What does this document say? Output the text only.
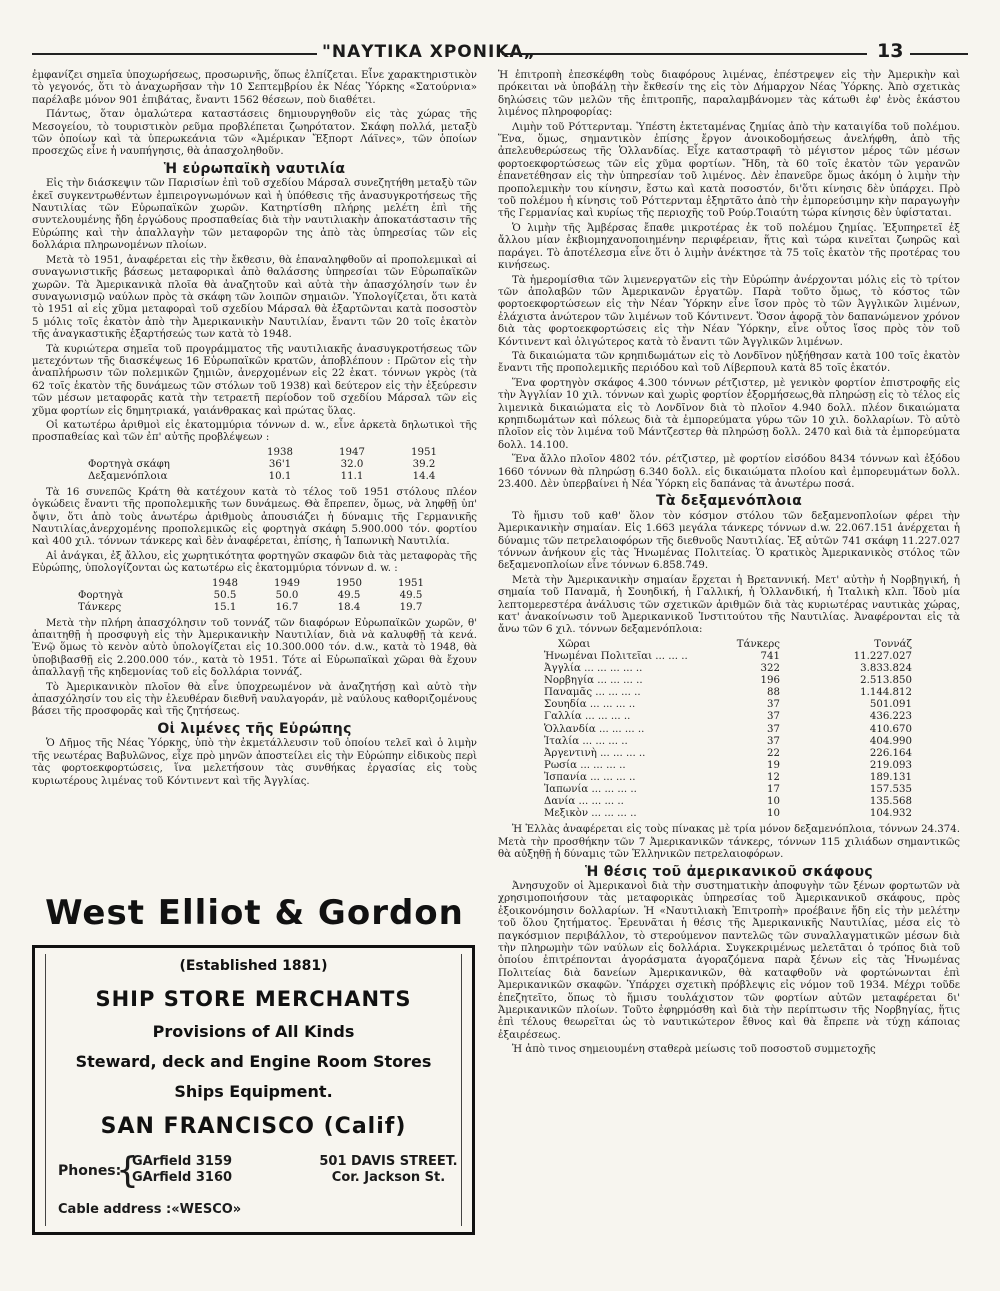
"ΝΑΥΤΙΚΑ ΧΡΟΝΙΚΑ„	13

ἐμφανίζει σημεῖα ὑποχωρήσεως, προσωρινῆς, ὅπως ἐλπίζεται. Εἶνε χαρακτηριστικὸν τὸ γεγονός, ὅτι τὸ ἀναχωρῆσαν τὴν 10 Σεπτεμβρίου ἐκ Νέας Ὑόρκης «Σατούρνια» παρέλαβε μόνον 901 ἐπιβάτας, ἔναντι 1562 θέσεων, ποὺ διαθέτει.

Πάντως, ὅταν ὁμαλώτερα καταστάσεις δημιουργηθοῦν εἰς τὰς χώρας τῆς Μεσογείου, τὸ τουριστικὸν ρεῦμα προβλέπεται ζωηρότατον. Σκάφη πολλά, μεταξὺ τῶν ὁποίων καὶ τὰ ὑπερωκεάνια τῶν «Ἀμέρικαν Ἔξπορτ Λάϊνες», τῶν ὁποίων προσεχῶς εἶνε ἡ ναυπήγησις, θὰ ἀπασχοληθοῦν.

Ἡ εὐρωπαϊκὴ ναυτιλία

Εἰς τὴν διάσκεψιν τῶν Παρισίων ἐπὶ τοῦ σχεδίου Μάρσαλ συνεζητήθη μεταξὺ τῶν ἐκεῖ συγκεντρωθέντων ἐμπειρογνωμόνων καὶ ἡ ὑπόθεσις τῆς ἀνασυγκροτήσεως τῆς Ναυτιλίας τῶν Εὐρωπαϊκῶν χωρῶν. Κατηρτίσθη πλήρης μελέτη ἐπὶ τῆς συντελουμένης ἤδη ἐργώδους προσπαθείας διὰ τὴν ναυτιλιακὴν ἀποκατάστασιν τῆς Εὐρώπης καὶ τὴν ἀπαλλαγὴν τῶν μεταφορῶν της ἀπὸ τὰς ὑπηρεσίας τῶν εἰς δολλάρια πληρωνομένων πλοίων.

Μετὰ τὸ 1951, ἀναφέρεται εἰς τὴν ἔκθεσιν, θὰ ἐπαναληφθοῦν αἱ προπολεμικαὶ αἱ συναγωνιστικῆς βάσεως μεταφορικαὶ ἀπὸ θαλάσσης ὑπηρεσίαι τῶν Εὐρωπαϊκῶν χωρῶν. Τὰ Ἀμερικανικὰ πλοῖα θὰ ἀναζητοῦν καὶ αὐτὰ τὴν ἀπασχόλησίν των ἐν συναγωνισμῷ ναύλων πρὸς τὰ σκάφη τῶν λοιπῶν σημαιῶν. Ὑπολογίζεται, ὅτι κατὰ τὸ 1951 αἱ εἰς χῦμα μεταφοραὶ τοῦ σχεδίου Μάρσαλ θὰ ἐξαρτῶνται κατὰ ποσοστὸν 5 μόλις τοῖς ἑκατὸν ἀπὸ τὴν Ἀμερικανικὴν Ναυτιλίαν, ἔναντι τῶν 20 τοῖς ἑκατὸν τῆς ἀναγκαστικῆς ἐξαρτήσεώς των κατὰ τὸ 1948.

Τὰ κυριώτερα σημεῖα τοῦ προγράμματος τῆς ναυτιλιακῆς ἀνασυγκροτήσεως τῶν μετεχόντων τῆς διασκέψεως 16 Εὐρωπαϊκῶν κρατῶν, ἀποβλέπουν : Πρῶτον εἰς τὴν ἀναπλήρωσιν τῶν πολεμικῶν ζημιῶν, ἀνερχομένων εἰς 22 ἑκατ. τόννων γκρὸς (τὰ 62 τοῖς ἑκατὸν τῆς δυνάμεως τῶν στόλων τοῦ 1938) καὶ δεύτερον εἰς τὴν ἐξεύρεσιν τῶν μέσων μεταφορᾶς κατὰ τὴν τετραετῆ περίοδον τοῦ σχεδίου Μάρσαλ τῶν εἰς χῦμα φορτίων εἰς δημητριακά, γαιάνθρακας καὶ πρώτας ὕλας.

Οἱ κατωτέρω ἀριθμοὶ εἰς ἑκατομμύρια τόννων d. w., εἶνε ἀρκετὰ δηλωτικοὶ τῆς προσπαθείας καὶ τῶν ἐπ' αὐτῆς προβλέψεων :

	1938	1947	1951
Φορτηγὰ σκάφη	36'1	32.0	39.2
Δεξαμενόπλοια	10.1	11.1	14.4

Τὰ 16 συνεπῶς Κράτη θὰ κατέχουν κατὰ τὸ τέλος τοῦ 1951 στόλους πλέον ὀγκώδεις ἔναντι τῆς προπολεμικῆς των δυνάμεως. Θὰ ἔπρεπεν, ὅμως, νὰ ληφθῇ ὑπ' ὄψιν, ὅτι ἀπὸ τοὺς ἀνωτέρω ἀριθμοὺς ἀπουσιάζει ἡ δύναμις τῆς Γερμανικῆς Ναυτιλίας,ἀνερχομένης προπολεμικῶς εἰς φορτηγὰ σκάφη 5.900.000 τόν. φορτίου καὶ 400 χιλ. τόννων τάνκερς καὶ δὲν ἀναφέρεται, ἐπίσης, ἡ Ἰαπωνικὴ Ναυτιλία.

Αἱ ἀνάγκαι, ἐξ ἄλλου, εἰς χωρητικότητα φορτηγῶν σκαφῶν διὰ τὰς μεταφορὰς τῆς Εὐρώπης, ὑπολογίζονται ὡς κατωτέρω εἰς ἑκατομμύρια τόννων d. w. :

	1948	1949	1950	1951
Φορτηγὰ	50.5	50.0	49.5	49.5
Τάνκερς	15.1	16.7	18.4	19.7

Μετὰ τὴν πλήρη ἀπασχόλησιν τοῦ τοννάζ τῶν διαφόρων Εὐρωπαϊκῶν χωρῶν, θ' ἀπαιτηθῇ ἡ προσφυγὴ εἰς τὴν Ἀμερικανικὴν Ναυτιλίαν, διὰ νὰ καλυφθῇ τὰ κενά. Ἐνῷ ὅμως τὸ κενὸν αὐτὸ ὑπολογίζεται εἰς 10.300.000 τόν. d.w., κατὰ τὸ 1948, θὰ ὑποβιβασθῇ εἰς 2.200.000 τόν., κατὰ τὸ 1951. Τότε αἱ Εὐρωπαϊκαὶ χῶραι θὰ ἔχουν ἀπαλλαγῇ τῆς κηδεμονίας τοῦ εἰς δολλάρια τοννάζ.

Τὸ Ἀμερικανικὸν πλοῖον θὰ εἶνε ὑποχρεωμένον νὰ ἀναζητήσῃ καὶ αὐτὸ τὴν ἀπασχόλησίν του εἰς τὴν ἐλευθέραν διεθνῆ ναυλαγοράν, μὲ ναύλους καθοριζομένους βάσει τῆς προσφορᾶς καὶ τῆς ζητήσεως.

Οἱ λιμένες τῆς Εὐρώπης

Ὁ Δῆμος τῆς Νέας Ὑόρκης, ὑπὸ τὴν ἐκμετάλλευσιν τοῦ ὁποίου τελεῖ καὶ ὁ λιμὴν τῆς νεωτέρας Βαβυλῶνος, εἶχε πρὸ μηνῶν ἀποστείλει εἰς τὴν Εὐρώπην εἰδικοὺς περὶ τὰς φορτοεκφορτώσεις, ἵνα μελετήσουν τὰς συνθήκας ἐργασίας εἰς τοὺς κυριωτέρους λιμένας τοῦ Κόντινεντ καὶ τῆς Ἀγγλίας.

West Elliot & Gordon
(Established 1881)
SHIP STORE MERCHANTS
Provisions of All Kinds
Steward, deck and Engine Room Stores
Ships Equipment.
SAN FRANCISCO (Calif)
Phones:
{
GArfield 3159
GArfield 3160
501 DAVIS STREET.
Cor. Jackson St.
Cable address :«WESCO»

Ἡ ἐπιτροπὴ ἐπεσκέφθη τοὺς διαφόρους λιμένας, ἐπέστρεψεν εἰς τὴν Ἀμερικὴν καὶ πρόκειται νὰ ὑποβάλῃ τὴν ἔκθεσίν της εἰς τὸν Δήμαρχον Νέας Ὑόρκης. Ἀπὸ σχετικὰς δηλώσεις τῶν μελῶν τῆς ἐπιτροπῆς, παραλαμβάνομεν τὰς κάτωθι ἐφ' ἑνὸς ἑκάστου λιμένος πληροφορίας:

Λιμὴν τοῦ Ρόττερνταμ. Ὑπέστη ἐκτεταμένας ζημίας ἀπὸ τὴν καταιγίδα τοῦ πολέμου. Ἕνα, ὅμως, σημαντικὸν ἐπίσης ἔργον ἀνοικοδομήσεως ἀνελήφθη, ἀπὸ τῆς ἀπελευθερώσεως τῆς Ὁλλανδίας. Εἶχε καταστραφῆ τὸ μέγιστον μέρος τῶν μέσων φορτοεκφορτώσεως τῶν εἰς χῦμα φορτίων. Ἤδη, τὰ 60 τοῖς ἑκατὸν τῶν γερανῶν ἐπανετέθησαν εἰς τὴν ὑπηρεσίαν τοῦ λιμένος. Δὲν ἐπανεῦρε ὅμως ἀκόμη ὁ λιμὴν τὴν προπολεμικὴν του κίνησιν, ἔστω καὶ κατὰ ποσοστόν, δι'ὅτι κίνησις δὲν ὑπάρχει. Πρὸ τοῦ πολέμου ἡ κίνησις τοῦ Ρόττερνταμ ἐξηρτᾶτο ἀπὸ τὴν ἐμπορεύσιμην κὴν παραγωγὴν τῆς Γερμανίας καὶ κυρίως τῆς περιοχῆς τοῦ Ρούρ.Τοιαύτη τώρα κίνησις δὲν ὑφίσταται.

Ὁ λιμὴν τῆς Ἀμβέρσας ἔπαθε μικροτέρας ἐκ τοῦ πολέμου ζημίας. Ἐξυπηρετεῖ ἐξ ἄλλου μίαν ἐκβιομηχανοποιημένην περιφέρειαν, ἥτις καὶ τώρα κινεῖται ζωηρῶς καὶ παράγει. Τὸ ἀποτέλεσμα εἶνε ὅτι ὁ λιμὴν ἀνέκτησε τὰ 75 τοῖς ἑκατὸν τῆς προτέρας του κινήσεως.

Τὰ ἡμερομίσθια τῶν λιμενεργατῶν εἰς τὴν Εὐρώπην ἀνέρχονται μόλις εἰς τὸ τρίτον τῶν ἀπολαβῶν τῶν Ἀμερικανῶν ἐργατῶν. Παρὰ τοῦτο ὅμως, τὸ κόστος τῶν φορτοεκφορτώσεων εἰς τὴν Νέαν Ὑόρκην εἶνε ἴσον πρὸς τὸ τῶν Ἀγγλικῶν λιμένων, ἐλάχιστα ἀνώτερον τῶν λιμένων τοῦ Κόντινεντ. Ὅσον ἀφορᾷ τὸν δαπανώμενον χρόνον διὰ τὰς φορτοεκφορτώσεις εἰς τὴν Νέαν Ὑόρκην, εἶνε οὗτος ἴσος πρὸς τὸν τοῦ Κόντινεντ καὶ ὀλιγώτερος κατὰ τὸ ἔναντι τῶν Ἀγγλικῶν λιμένων.

Τὰ δικαιώματα τῶν κρηπιδωμάτων εἰς τὸ Λονδῖνον ηὐξήθησαν κατὰ 100 τοῖς ἑκατὸν ἔναντι τῆς προπολεμικῆς περιόδου καὶ τοῦ Λίβερπουλ κατὰ 85 τοῖς ἑκατόν.

Ἕνα φορτηγὸν σκάφος 4.300 τόννων ρέτζιστερ, μὲ γενικὸν φορτίον ἐπιστροφῆς εἰς τὴν Ἀγγλίαν 10 χιλ. τόννων καὶ χωρὶς φορτίον ἐξορμήσεως,θὰ πληρώσῃ εἰς τὸ τέλος εἰς λιμενικὰ δικαιώματα εἰς τὸ Λονδῖνον διὰ τὸ πλοῖον 4.940 δολλ. πλέον δικαιώματα κρηπιδωμάτων καὶ πόλεως διὰ τὰ ἐμπορεύματα γύρω τῶν 10 χιλ. δολλαρίων. Τὸ αὐτὸ πλοῖον εἰς τὸν λιμένα τοῦ Μάντζεστερ θὰ πληρώσῃ δολλ. 2470 καὶ διὰ τὰ ἐμπορεύματα δολλ. 14.100.

Ἕνα ἄλλο πλοῖον 4802 τόν. ρέτζιστερ, μὲ φορτίον εἰσόδου 8434 τόννων καὶ ἐξόδου 1660 τόννων θὰ πληρώσῃ 6.340 δολλ. εἰς δικαιώματα πλοίου καὶ ἐμπορευμάτων δολλ. 23.400. Δὲν ὑπερβαίνει ἡ Νέα Ὑόρκη εἰς δαπάνας τὰ ἀνωτέρω ποσά.

Τὰ δεξαμενόπλοια

Τὸ ἥμισυ τοῦ καθ' ὅλον τὸν κόσμον στόλου τῶν δεξαμενοπλοίων φέρει τὴν Ἀμερικανικὴν σημαίαν. Εἰς 1.663 μεγάλα τάνκερς τόννων d.w. 22.067.151 ἀνέρχεται ἡ δύναμις τῶν πετρελαιοφόρων τῆς διεθνοῦς Ναυτιλίας. Ἐξ αὐτῶν 741 σκάφη 11.227.027 τόννων ἀνήκουν εἰς τὰς Ἡνωμένας Πολιτείας. Ὁ κρατικὸς Ἀμερικανικὸς στόλος τῶν δεξαμενοπλοίων εἶνε τόννων 6.858.749.

Μετὰ τὴν Ἀμερικανικὴν σημαίαν ἔρχεται ἡ Βρεταννική. Μετ' αὐτὴν ἡ Νορβηγική, ἡ σημαία τοῦ Παναμᾶ, ἡ Σουηδική, ἡ Γαλλική, ἡ Ὁλλανδική, ἡ Ἰταλικὴ κλπ. Ἰδοὺ μία λεπτομερεστέρα ἀνάλυσις τῶν σχετικῶν ἀριθμῶν διὰ τὰς κυριωτέρας ναυτικὰς χώρας, κατ' ἀνακοίνωσιν τοῦ Ἀμερικανικοῦ Ἰνστιτούτου τῆς Ναυτιλίας. Ἀναφέρονται εἰς τὰ ἄνω τῶν 6 χιλ. τόννων δεξαμενόπλοια:

Χῶραι	Τάνκερς	Τοννάζ
Ἡνωμέναι Πολιτεῖαι ... ... ..	741	11.227.027
Ἀγγλία ... ... ... ... ..	322	3.833.824
Νορβηγία ... ... ... ..	196	2.513.850
Παναμᾶς ... ... ... ..	88	1.144.812
Σουηδία ... ... ... ..	37	501.091
Γαλλία ... ... ... ..	37	436.223
Ὁλλανδία ... ... ... ..	37	410.670
Ἰταλία ... ... ... ..	37	404.990
Ἀργεντινὴ ... ... ... ..	22	226.164
Ρωσία ... ... ... ..	19	219.093
Ἰσπανία ... ... ... ..	12	189.131
Ἰαπωνία ... ... ... ..	17	157.535
Δανία ... ... ... ..	10	135.568
Μεξικὸν ... ... ... ..	10	104.932

Ἡ Ἑλλὰς ἀναφέρεται εἰς τοὺς πίνακας μὲ τρία μόνον δεξαμενόπλοια, τόννων 24.374. Μετὰ τὴν προσθήκην τῶν 7 Ἀμερικανικῶν τάνκερς, τόννων 115 χιλιάδων σημαντικῶς θὰ αὐξηθῇ ἡ δύναμις τῶν Ἑλληνικῶν πετρελαιοφόρων.

Ἡ θέσις τοῦ ἀμερικανικοῦ σκάφους

Ἀνησυχοῦν οἱ Ἀμερικανοὶ διὰ τὴν συστηματικὴν ἀποφυγὴν τῶν ξένων φορτωτῶν νὰ χρησιμοποιήσουν τὰς μεταφορικὰς ὑπηρεσίας τοῦ Ἀμερικανικοῦ σκάφους, πρὸς ἐξοικονόμησιν δολλαρίων. Ἡ «Ναυτιλιακὴ Ἐπιτροπὴ» προέβαινε ἤδη εἰς τὴν μελέτην τοῦ ὅλου ζητήματος. Ἐρευνᾶται ἡ θέσις τῆς Ἀμερικανικῆς Ναυτιλίας, μέσα εἰς τὸ παγκόσμιον περιβάλλον, τὸ στερούμενον παντελῶς τῶν συναλλαγματικῶν μέσων διὰ τὴν πληρωμὴν τῶν ναύλων εἰς δολλάρια. Συγκεκριμένως μελετᾶται ὁ τρόπος διὰ τοῦ ὁποίου ἐπιτρέπονται ἀγοράσματα ἀγοραζόμενα παρὰ ξένων εἰς τὰς Ἡνωμένας Πολιτείας διὰ δανείων Ἀμερικανικῶν, θὰ καταφθοῦν νὰ φορτώνωνται ἐπὶ Ἀμερικανικῶν σκαφῶν. Ὑπάρχει σχετικὴ πρόβλεψις εἰς νόμον τοῦ 1934. Μέχρι τοῦδε ἐπεζητεῖτο, ὅπως τὸ ἥμισυ τουλάχιστον τῶν φορτίων αὐτῶν μεταφέρεται δι' Ἀμερικανικῶν πλοίων. Τοῦτο ἐφηρμόσθη καὶ διὰ τὴν περίπτωσιν τῆς Νορβηγίας, ἥτις ἐπὶ τέλους θεωρεῖται ὡς τὸ ναυτικώτερον ἔθνος καὶ θὰ ἔπρεπε νὰ τύχῃ κάποιας ἐξαιρέσεως.

Ἡ ἀπὸ τινος σημειουμένη σταθερὰ μείωσις τοῦ ποσοστοῦ συμμετοχῆς
